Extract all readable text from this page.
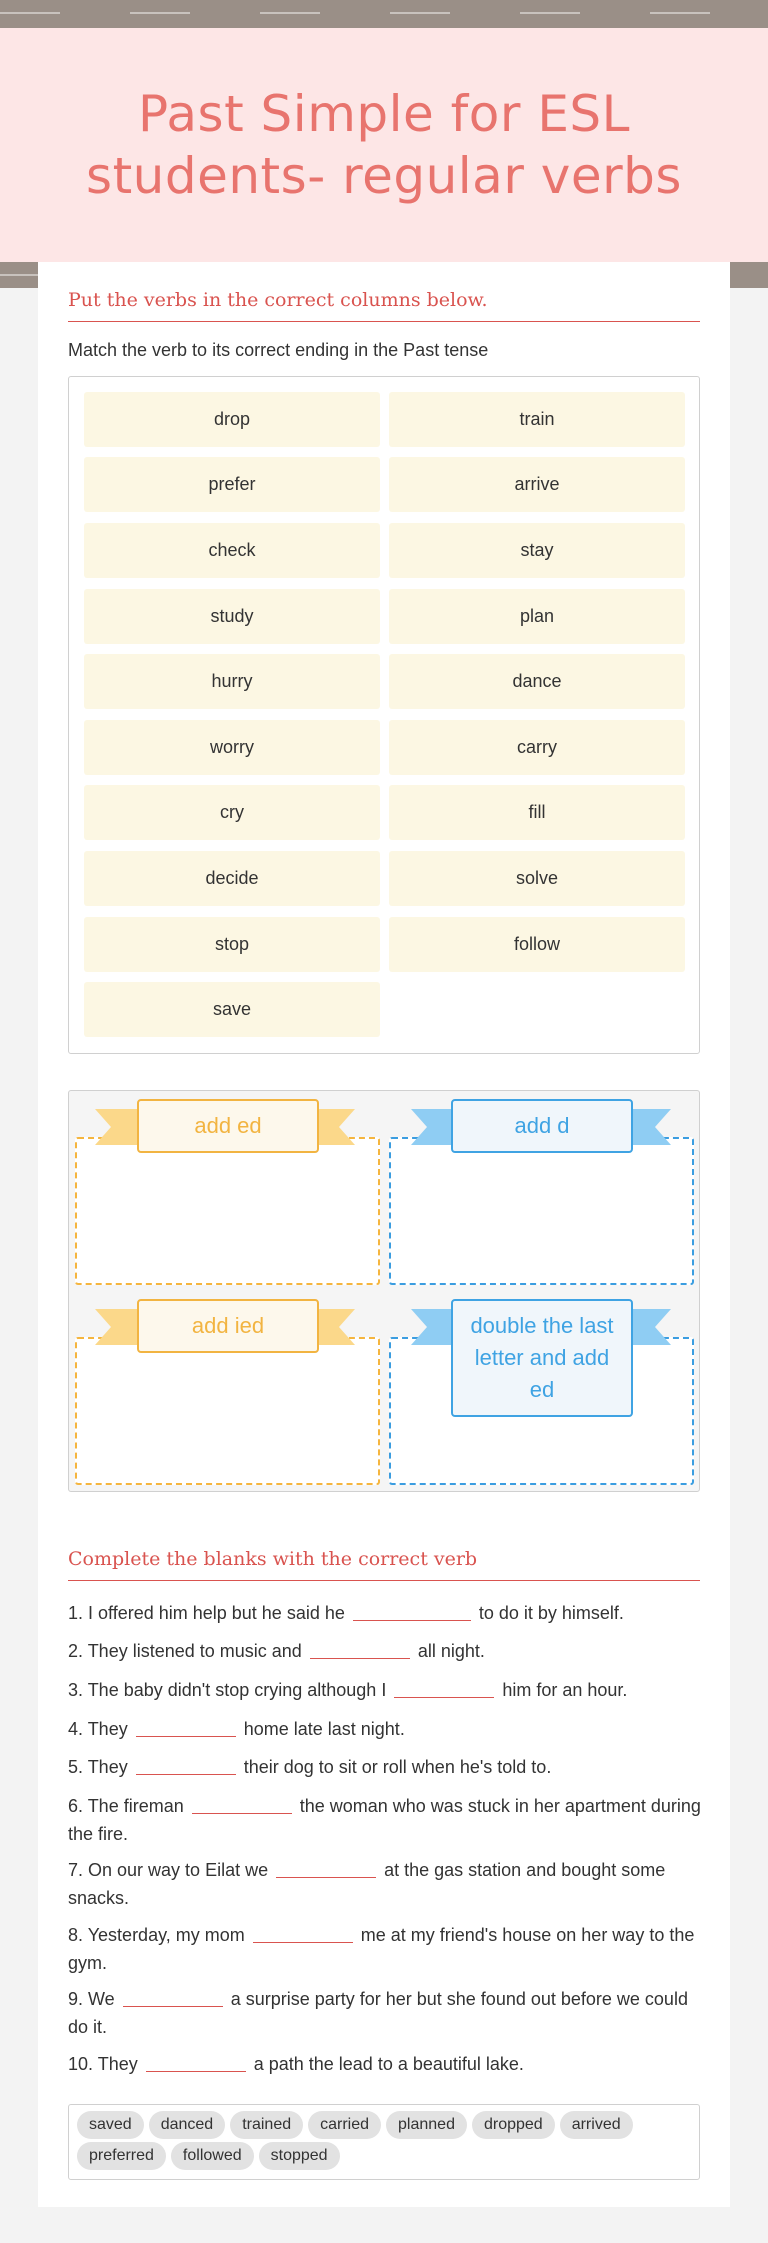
Past Simple for ESL students- regular verbs
Put the verbs in the correct columns below.
Match the verb to its correct ending in the Past tense
drop	train
prefer	arrive
check	stay
study	plan
hurry	dance
worry	carry
cry	fill
decide	solve
stop	follow
save
add ed	add d
add ied	double the last letter and add ed
Complete the blanks with the correct verb
1. I offered him help but he said he	to do it by himself.
2. They listened to music and	all night.
3. The baby didn't stop crying although I	him for an hour.
4. They	home late last night.
5. They	their dog to sit or roll when he's told to.
6. The fireman	the woman who was stuck in her apartment during the fire.
7. On our way to Eilat we	at the gas station and bought some snacks.
8. Yesterday, my mom	me at my friend's house on her way to the gym.
9. We	a surprise party for her but she found out before we could do it.
10. They	a path the lead to a beautiful lake.
saved danced trained carried planned dropped arrivedpreferred followed stopped
